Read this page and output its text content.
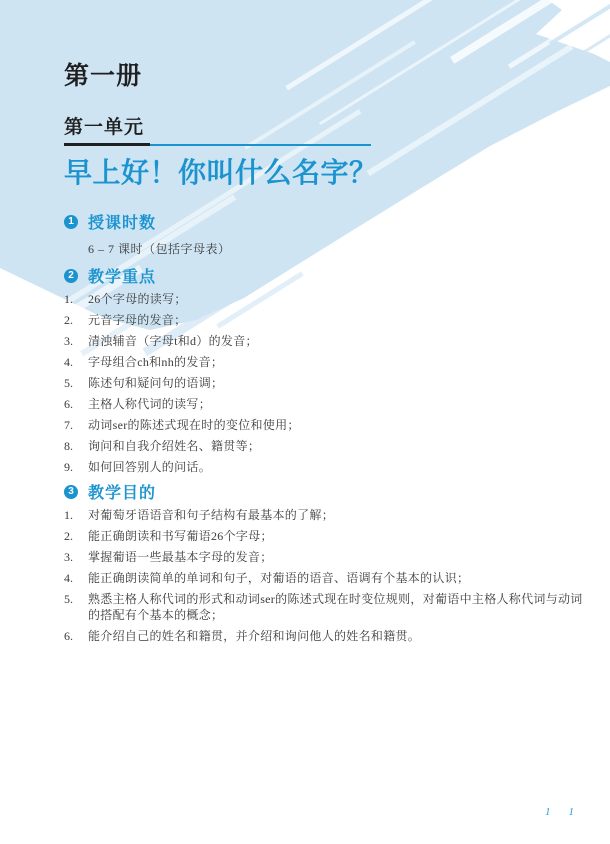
第一册
第一单元
早上好！你叫什么名字？
1 授课时数
6 – 7 课时（包括字母表）
2 教学重点
1.	26个字母的读写；
2.	元音字母的发音；
3.	清浊辅音（字母t和d）的发音；
4.	字母组合ch和nh的发音；
5.	陈述句和疑问句的语调；
6.	主格人称代词的读写；
7.	动词ser的陈述式现在时的变位和使用；
8.	询问和自我介绍姓名、籍贯等；
9.	如何回答别人的问话。
3 教学目的
1.	对葡萄牙语语音和句子结构有最基本的了解；
2.	能正确朗读和书写葡语26个字母；
3.	掌握葡语一些最基本字母的发音；
4.	能正确朗读简单的单词和句子，对葡语的语音、语调有个基本的认识；
5.	熟悉主格人称代词的形式和动词ser的陈述式现在时变位规则，对葡语中主格人称代词与动词的搭配有个基本的概念；
6.	能介绍自己的姓名和籍贯，并介绍和询问他人的姓名和籍贯。
1 1
